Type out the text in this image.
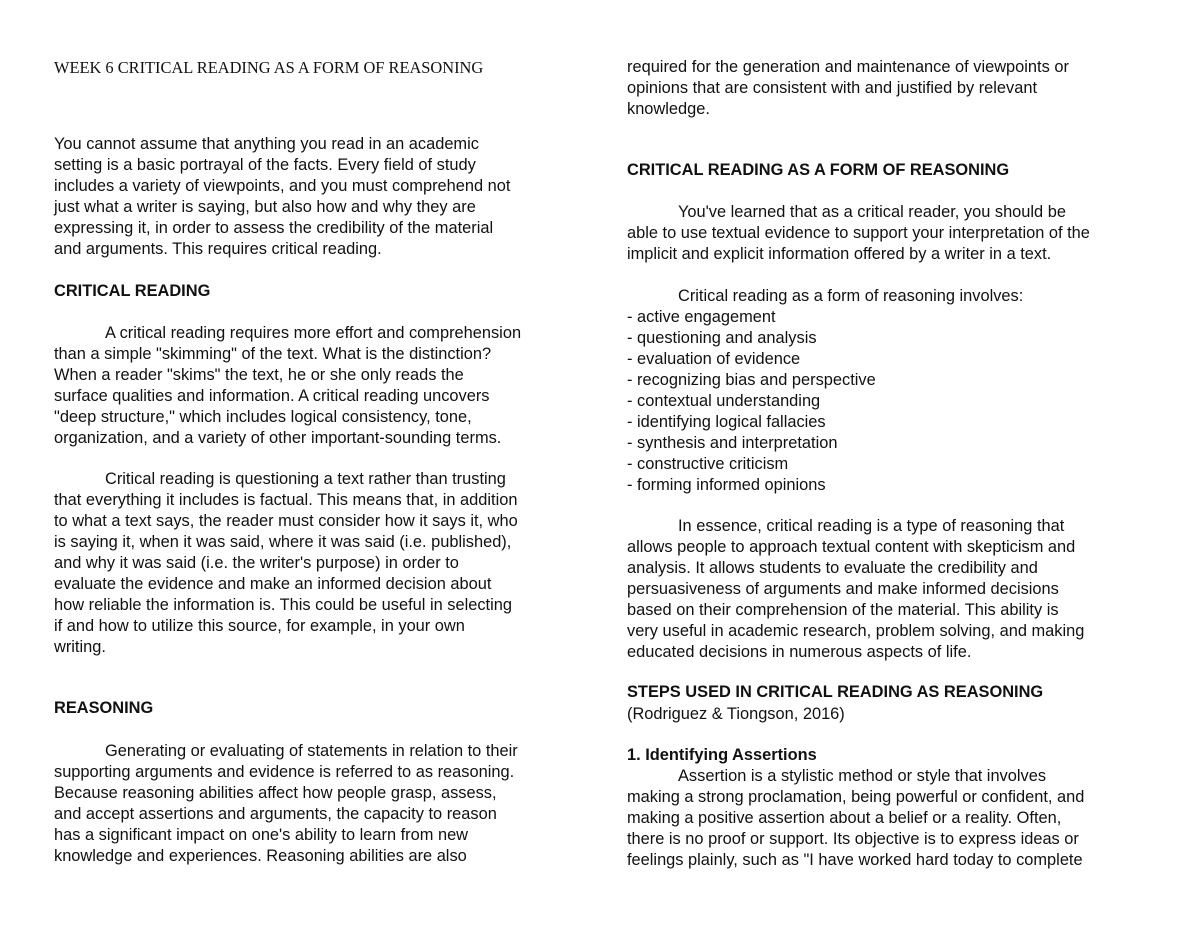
WEEK 6 CRITICAL READING AS A FORM OF REASONING
You cannot assume that anything you read in an academic
setting is a basic portrayal of the facts. Every field of study
includes a variety of viewpoints, and you must comprehend not
just what a writer is saying, but also how and why they are
expressing it, in order to assess the credibility of the material
and arguments. This requires critical reading.
CRITICAL READING
A critical reading requires more effort and comprehension
than a simple "skimming" of the text. What is the distinction?
When a reader "skims" the text, he or she only reads the
surface qualities and information. A critical reading uncovers
"deep structure," which includes logical consistency, tone,
organization, and a variety of other important-sounding terms.
Critical reading is questioning a text rather than trusting
that everything it includes is factual. This means that, in addition
to what a text says, the reader must consider how it says it, who
is saying it, when it was said, where it was said (i.e. published),
and why it was said (i.e. the writer's purpose) in order to
evaluate the evidence and make an informed decision about
how reliable the information is. This could be useful in selecting
if and how to utilize this source, for example, in your own
writing.
REASONING
Generating or evaluating of statements in relation to their
supporting arguments and evidence is referred to as reasoning.
Because reasoning abilities affect how people grasp, assess,
and accept assertions and arguments, the capacity to reason
has a significant impact on one's ability to learn from new
knowledge and experiences. Reasoning abilities are also
required for the generation and maintenance of viewpoints or
opinions that are consistent with and justified by relevant
knowledge.
CRITICAL READING AS A FORM OF REASONING
You've learned that as a critical reader, you should be
able to use textual evidence to support your interpretation of the
implicit and explicit information offered by a writer in a text.
Critical reading as a form of reasoning involves:
- active engagement
- questioning and analysis
- evaluation of evidence
- recognizing bias and perspective
- contextual understanding
- identifying logical fallacies
- synthesis and interpretation
- constructive criticism
- forming informed opinions
In essence, critical reading is a type of reasoning that
allows people to approach textual content with skepticism and
analysis. It allows students to evaluate the credibility and
persuasiveness of arguments and make informed decisions
based on their comprehension of the material. This ability is
very useful in academic research, problem solving, and making
educated decisions in numerous aspects of life.
STEPS USED IN CRITICAL READING AS REASONING
(Rodriguez & Tiongson, 2016)
1. Identifying Assertions
Assertion is a stylistic method or style that involves
making a strong proclamation, being powerful or confident, and
making a positive assertion about a belief or a reality. Often,
there is no proof or support. Its objective is to express ideas or
feelings plainly, such as "I have worked hard today to complete
